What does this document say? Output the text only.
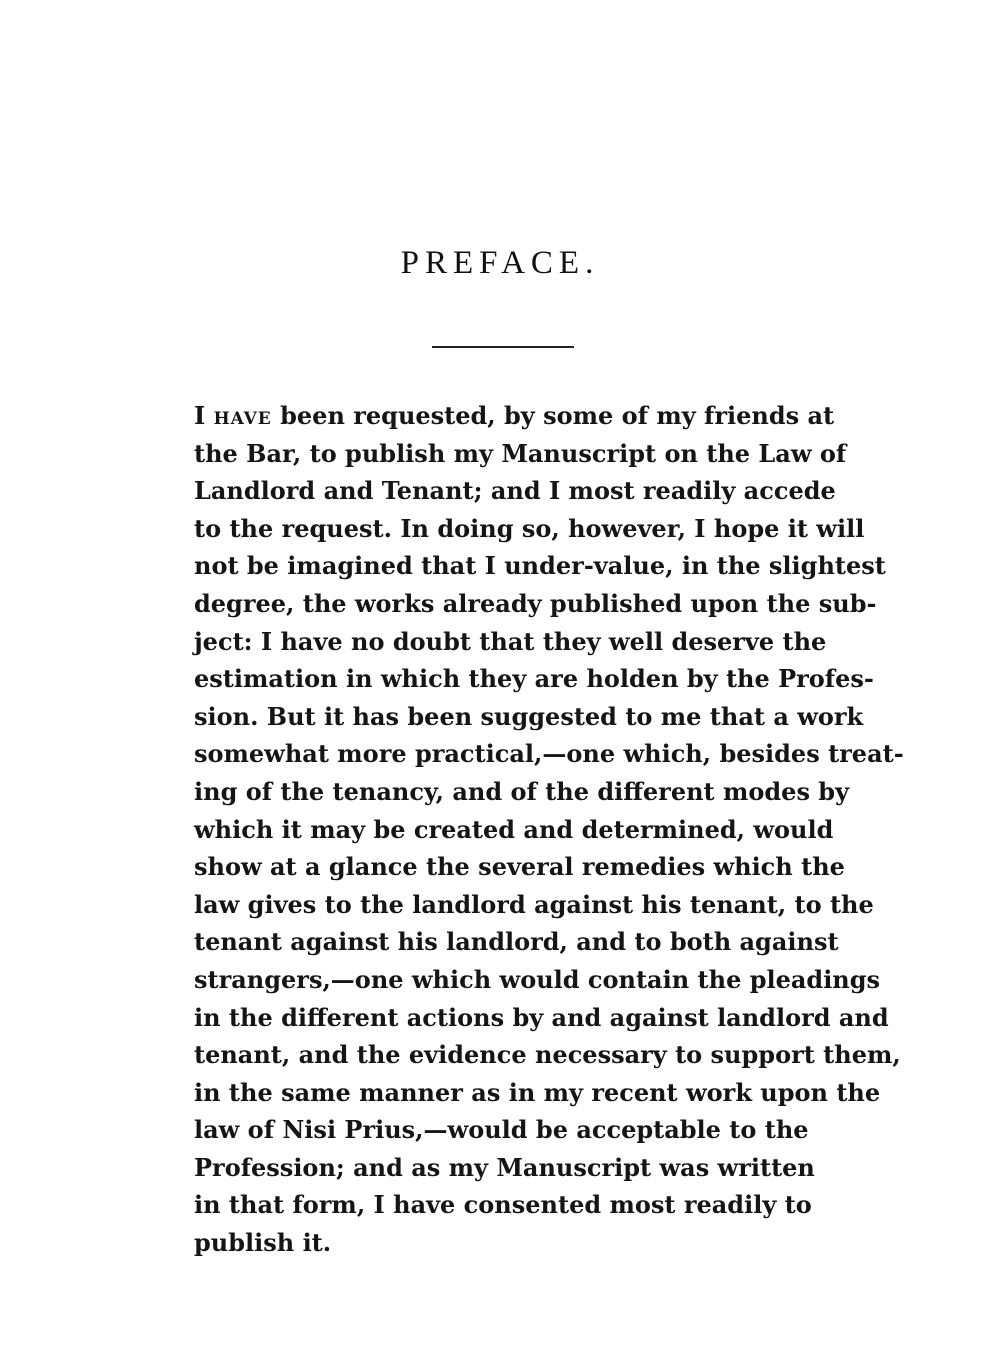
PREFACE.
I have been requested, by some of my friends at
the Bar, to publish my Manuscript on the Law of
Landlord and Tenant; and I most readily accede
to the request. In doing so, however, I hope it will
not be imagined that I under-value, in the slightest
degree, the works already published upon the sub-
ject: I have no doubt that they well deserve the
estimation in which they are holden by the Profes-
sion. But it has been suggested to me that a work
somewhat more practical,—one which, besides treat-
ing of the tenancy, and of the different modes by
which it may be created and determined, would
show at a glance the several remedies which the
law gives to the landlord against his tenant, to the
tenant against his landlord, and to both against
strangers,—one which would contain the pleadings
in the different actions by and against landlord and
tenant, and the evidence necessary to support them,
in the same manner as in my recent work upon the
law of Nisi Prius,—would be acceptable to the
Profession; and as my Manuscript was written
in that form, I have consented most readily to
publish it.
